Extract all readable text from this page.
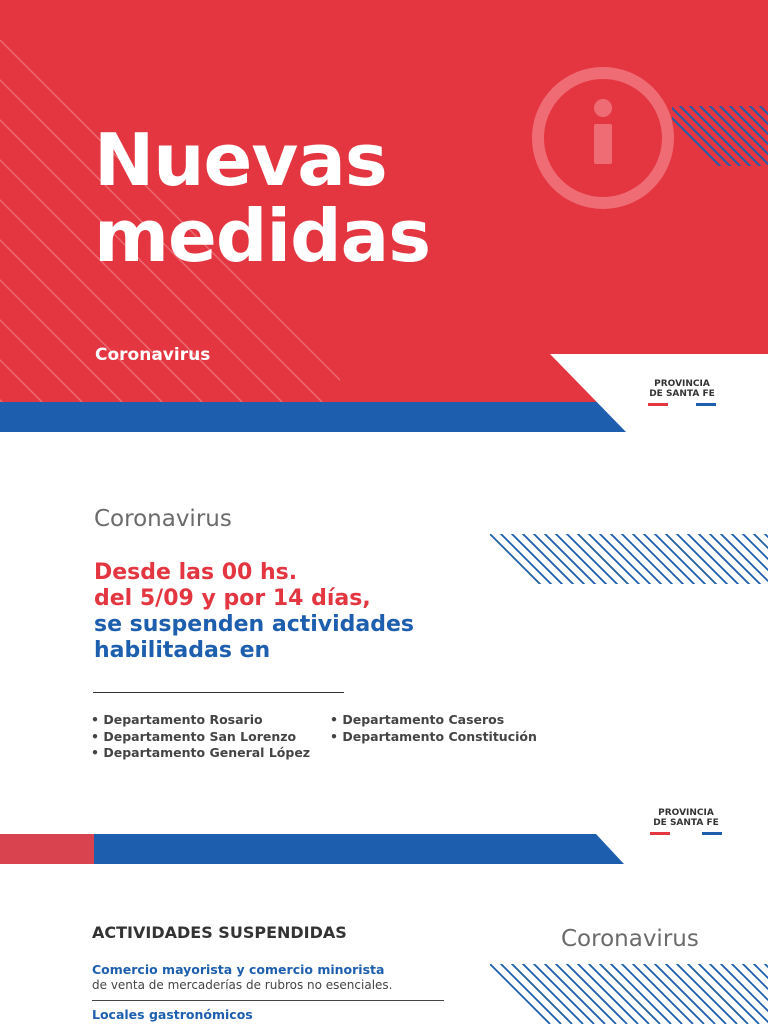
Nuevas
medidas
Coronavirus
PROVINCIA
DE SANTA FE
Coronavirus
Desde las 00 hs.
del 5/09 y por 14 días,
se suspenden actividades
habilitadas en
• Departamento Rosario
• Departamento San Lorenzo
• Departamento General López
• Departamento Caseros
• Departamento Constitución
PROVINCIA
DE SANTA FE
ACTIVIDADES SUSPENDIDAS	Coronavirus
Comercio mayorista y comercio minorista
de venta de mercaderías de rubros no esenciales.
Locales gastronómicos
